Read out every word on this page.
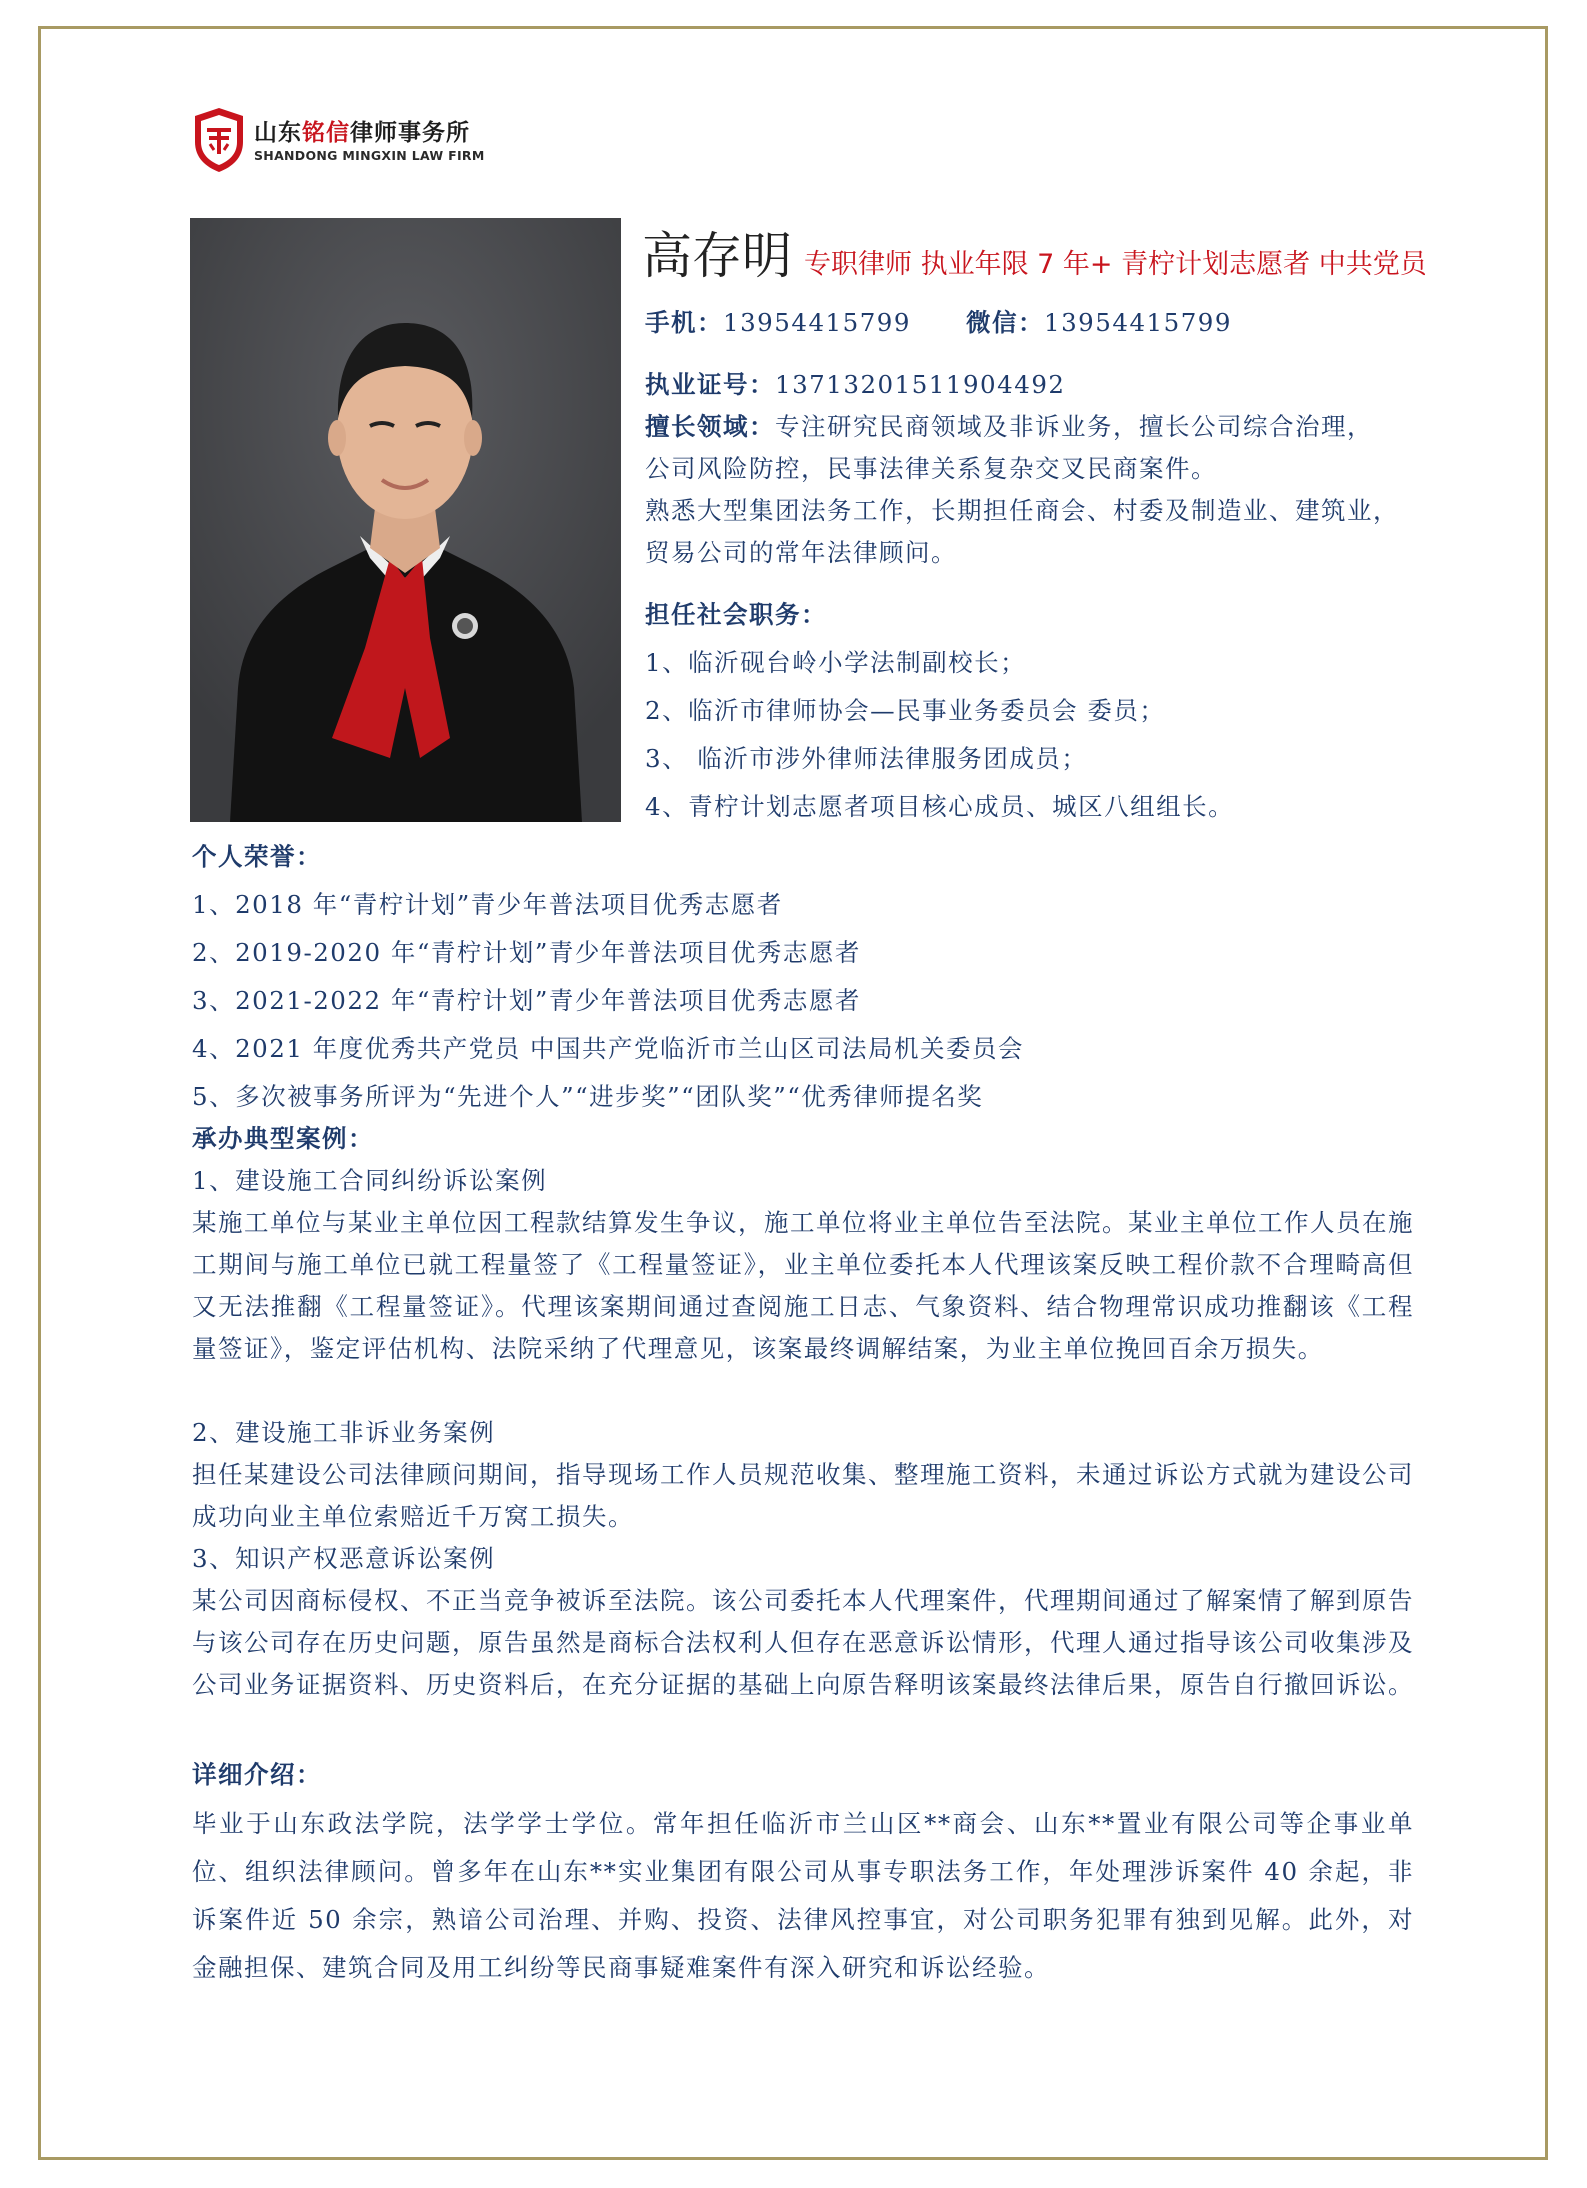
山东铭信律师事务所
SHANDONG MINGXIN LAW FIRM
高存明 专职律师 执业年限 7 年+ 青柠计划志愿者 中共党员
手机：13954415799 微信：13954415799
执业证号：13713201511904492
擅长领域：专注研究民商领域及非诉业务，擅长公司综合治理，
公司风险防控，民事法律关系复杂交叉民商案件。
熟悉大型集团法务工作，长期担任商会、村委及制造业、建筑业，
贸易公司的常年法律顾问。
担任社会职务：
1、临沂砚台岭小学法制副校长；
2、临沂市律师协会—民事业务委员会 委员；
3、 临沂市涉外律师法律服务团成员；
4、青柠计划志愿者项目核心成员、城区八组组长。
个人荣誉：
1、2018 年“青柠计划”青少年普法项目优秀志愿者
2、2019-2020 年“青柠计划”青少年普法项目优秀志愿者
3、2021-2022 年“青柠计划”青少年普法项目优秀志愿者
4、2021 年度优秀共产党员 中国共产党临沂市兰山区司法局机关委员会
5、多次被事务所评为“先进个人”“进步奖”“团队奖”“优秀律师提名奖
承办典型案例：
1、建设施工合同纠纷诉讼案例
某施工单位与某业主单位因工程款结算发生争议，施工单位将业主单位告至法院。某业主单位工作人员在施工期间与施工单位已就工程量签了《工程量签证》，业主单位委托本人代理该案反映工程价款不合理畸高但又无法推翻《工程量签证》。代理该案期间通过查阅施工日志、气象资料、结合物理常识成功推翻该《工程量签证》，鉴定评估机构、法院采纳了代理意见，该案最终调解结案，为业主单位挽回百余万损失。
2、建设施工非诉业务案例
担任某建设公司法律顾问期间，指导现场工作人员规范收集、整理施工资料，未通过诉讼方式就为建设公司成功向业主单位索赔近千万窝工损失。
3、知识产权恶意诉讼案例
某公司因商标侵权、不正当竞争被诉至法院。该公司委托本人代理案件，代理期间通过了解案情了解到原告与该公司存在历史问题，原告虽然是商标合法权利人但存在恶意诉讼情形，代理人通过指导该公司收集涉及公司业务证据资料、历史资料后，在充分证据的基础上向原告释明该案最终法律后果，原告自行撤回诉讼。
详细介绍：
毕业于山东政法学院，法学学士学位。常年担任临沂市兰山区**商会、山东**置业有限公司等企事业单位、组织法律顾问。曾多年在山东**实业集团有限公司从事专职法务工作，年处理涉诉案件 40 余起，非诉案件近 50 余宗，熟谙公司治理、并购、投资、法律风控事宜，对公司职务犯罪有独到见解。此外，对金融担保、建筑合同及用工纠纷等民商事疑难案件有深入研究和诉讼经验。
